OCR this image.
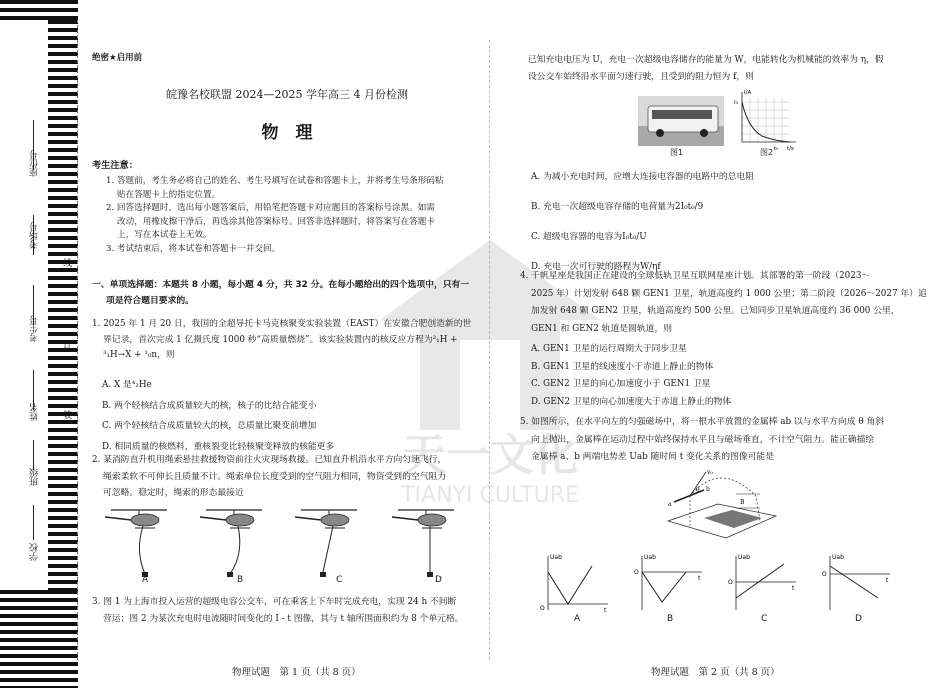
座位号
考场号
考生号
姓名
班级
学校
线
订
装
天一文化
TIANYI CULTURE
绝密★启用前
皖豫名校联盟 2024—2025 学年高三 4 月份检测
物　理
考生注意：
1. 答题前，考生务必将自己的姓名、考生号填写在试卷和答题卡上，并将考生号条形码粘
贴在答题卡上的指定位置。
2. 回答选择题时，选出每小题答案后，用铅笔把答题卡对应题目的答案标号涂黑。如需
改动，用橡皮擦干净后，再选涂其他答案标号。回答非选择题时，将答案写在答题卡
上，写在本试卷上无效。
3. 考试结束后，将本试卷和答题卡一并交回。
一、单项选择题：本题共 8 小题，每小题 4 分，共 32 分。在每小题给出的四个选项中，只有一
项是符合题目要求的。
1. 2025 年 1 月 20 日，我国的全超导托卡马克核聚变实验装置（EAST）在安徽合肥创造新的世
界记录，首次完成 1 亿摄氏度 1000 秒“高质量燃烧”。该实验装置内的核反应方程为²₁H +
³₁H→X + ¹₀n，则
A. X 是⁴₂He
B. 两个轻核结合成质量较大的核，核子的比结合能变小
C. 两个轻核结合成质量较大的核，总质量比聚变前增加
D. 相同质量的核燃料，重核裂变比轻核聚变释放的核能更多
2. 某消防直升机用绳索悬挂救援物资前往火灾现场救援。已知直升机沿水平方向匀速飞行，
绳索柔软不可伸长且质量不计。绳索单位长度受到的空气阻力相同，物资受到的空气阻力
可忽略。稳定时，绳索的形态最接近
A	B	C	D
3. 图 1 为上海市投入运营的超级电容公交车，可在乘客上下车时完成充电，实现 24 h 不间断
营运；图 2 为某次充电时电流随时间变化的 I - t 图像，其与 t 轴所围面积约为 8 个单元格。
物理试题　第 1 页（共 8 页）
已知充电电压为 U，充电一次超级电容储存的能量为 W，电能转化为机械能的效率为 η，假
设公交车始终沿水平面匀速行驶，且受到的阻力恒为 f，则
图1
I/A
I₀
t/s
t₀
图2
A. 为减小充电时间，应增大连接电容器的电路中的总电阻
B. 充电一次超级电容存储的电荷量为2I₀t₀/9
C. 超级电容器的电容为I₀t₀/U
D. 充电一次可行驶的路程为W/ηf
4. 千帆星座是我国正在建设的全球低轨卫星互联网星座计划。其部署的第一阶段（2023～
2025 年）计划发射 648 颗 GEN1 卫星，轨道高度约 1 000 公里；第二阶段（2026～2027 年）追
加发射 648 颗 GEN2 卫星，轨道高度约 500 公里。已知同步卫星轨道高度约 36 000 公里，
GEN1 和 GEN2 轨道是圆轨道，则
A. GEN1 卫星的运行周期大于同步卫星
B. GEN1 卫星的线速度小于赤道上静止的物体
C. GEN2 卫星的向心加速度小于 GEN1 卫星
D. GEN2 卫星的向心加速度大于赤道上静止的物体
5. 如图所示，在水平向左的匀强磁场中，将一根水平放置的金属棒 ab 以与水平方向成 θ 角斜
向上抛出，金属棒在运动过程中始终保持水平且与磁场垂直，不计空气阻力。能正确描绘
金属棒 a、b 两端电势差 Uab 随时间 t 变化关系的图像可能是
v₀
θ
a
b
B
Uab
O	t
Uab
O
t
Uab
O
t
Uab
O
t
A	B	C	D
物理试题　第 2 页（共 8 页）
